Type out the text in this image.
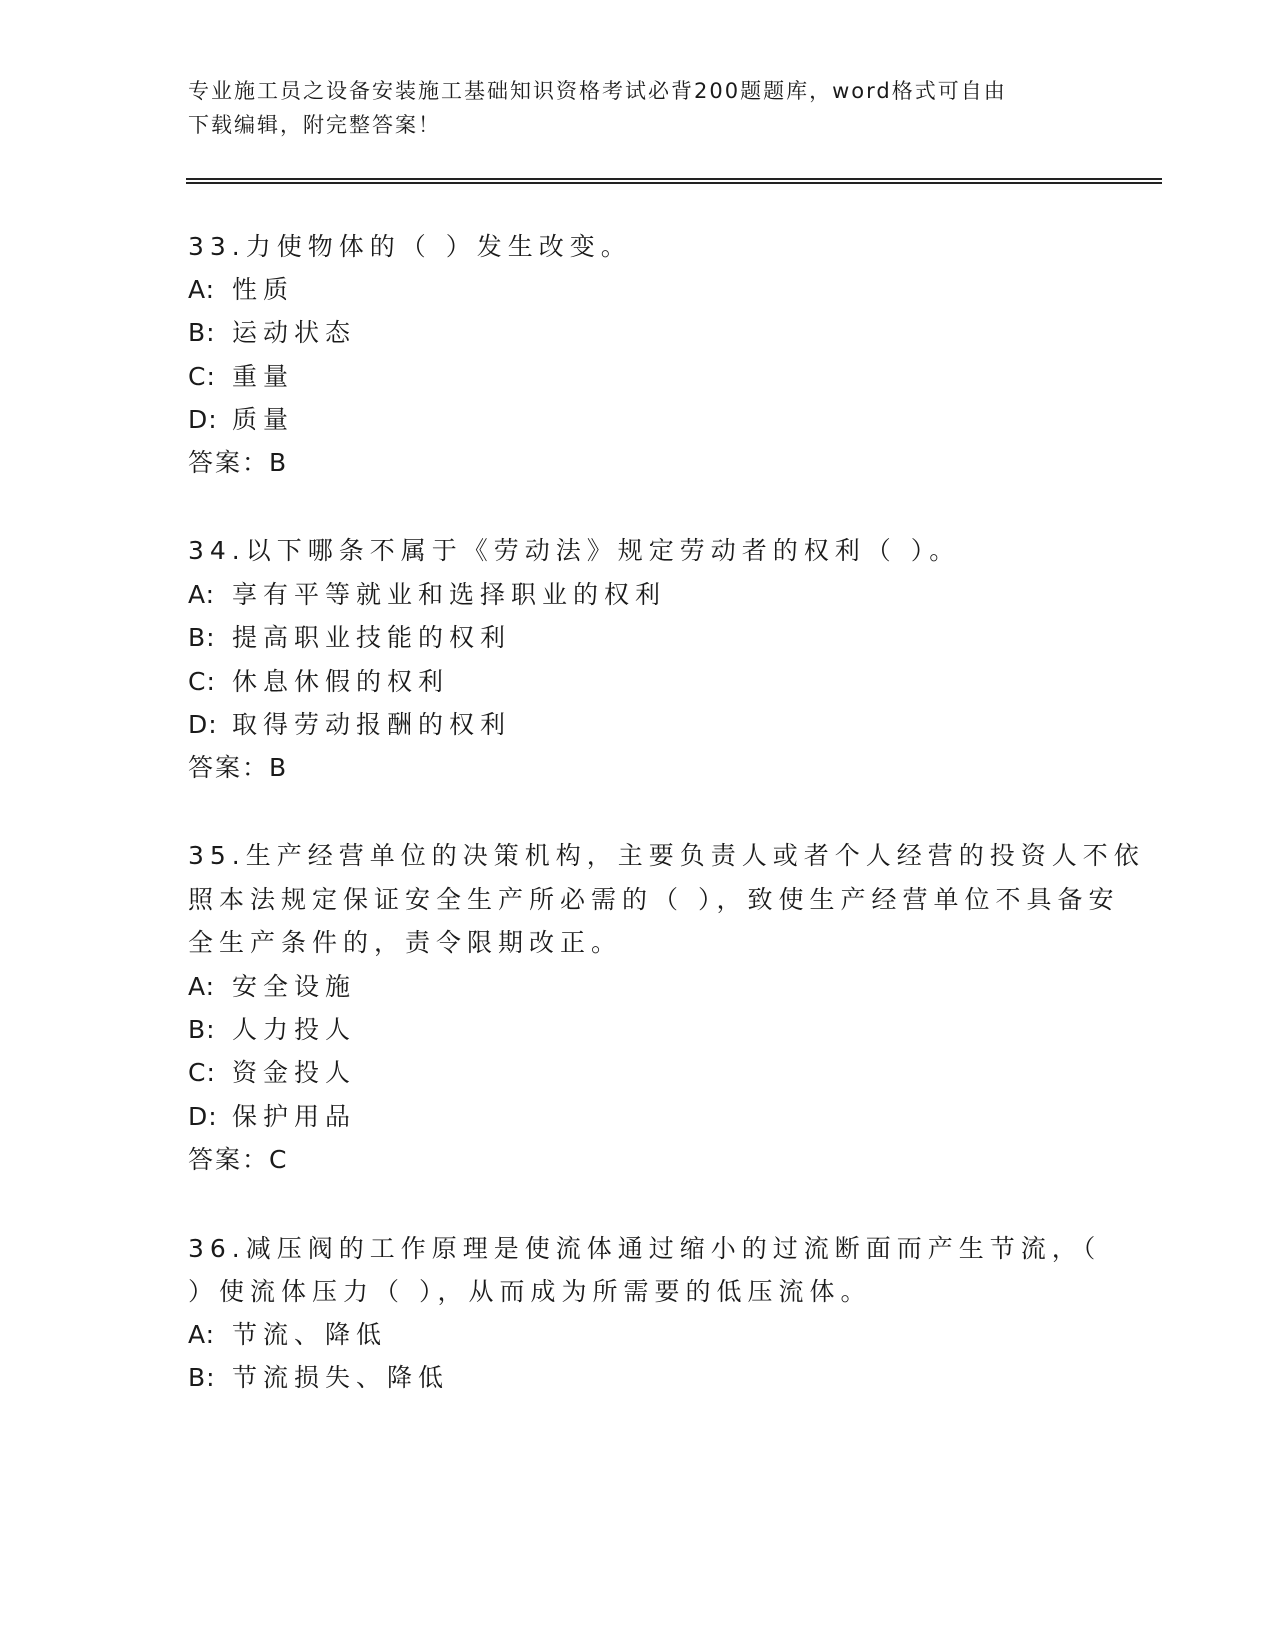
专业施工员之设备安装施工基础知识资格考试必背200题题库，word格式可自由
下载编辑，附完整答案！
33.力使物体的（ ）发生改变。
A: 性质
B: 运动状态
C: 重量
D: 质量
答案：B
34.以下哪条不属于《劳动法》规定劳动者的权利（ ）。
A: 享有平等就业和选择职业的权利
B: 提高职业技能的权利
C: 休息休假的权利
D: 取得劳动报酬的权利
答案：B
35.生产经营单位的决策机构，主要负责人或者个人经营的投资人不依
照本法规定保证安全生产所必需的（ ），致使生产经营单位不具备安
全生产条件的，责令限期改正。
A: 安全设施
B: 人力投人
C: 资金投人
D: 保护用品
答案：C
36.减压阀的工作原理是使流体通过缩小的过流断面而产生节流，（
）使流体压力（ ），从而成为所需要的低压流体。
A: 节流、降低
B: 节流损失、降低
